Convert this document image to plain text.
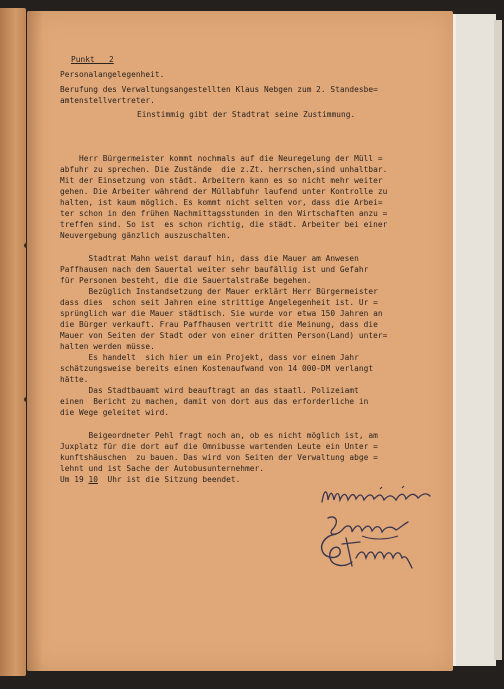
Punkt   2
Personalangelegenheit.
Berufung des Verwaltungsangestellten Klaus Nebgen zum 2. Standesbe=
amtenstellvertreter.
Einstimmig gibt der Stadtrat seine Zustimmung.
Herr Bürgermeister kommt nochmals auf die Neuregelung der Müll =
abfuhr zu sprechen. Die Zustände  die z.Zt. herrschen,sind unhaltbar.
Mit der Einsetzung von städt. Arbeitern kann es so nicht mehr weiter
gehen. Die Arbeiter während der Müllabfuhr laufend unter Kontrolle zu
halten, ist kaum möglich. Es kommt nicht selten vor, dass die Arbei=
ter schon in den frühen Nachmittagsstunden in den Wirtschaften anzu =
treffen sind. So ist  es schon richtig, die städt. Arbeiter bei einer
Neuvergebung gänzlich auszuschalten.
Stadtrat Mahn weist darauf hin, dass die Mauer am Anwesen
Paffhausen nach dem Sauertal weiter sehr baufällig ist und Gefahr
für Personen besteht, die die Sauertalstraße begehen.
Bezüglich Instandsetzung der Mauer erklärt Herr Bürgermeister
dass dies  schon seit Jahren eine strittige Angelegenheit ist. Ur =
sprünglich war die Mauer städtisch. Sie wurde vor etwa 150 Jahren an
die Bürger verkauft. Frau Paffhausen vertritt die Meinung, dass die
Mauer von Seiten der Stadt oder von einer dritten Person(Land) unter=
halten werden müsse.
Es handelt  sich hier um ein Projekt, dass vor einem Jahr
schätzungsweise bereits einen Kostenaufwand von 14 000-DM verlangt
hätte.
Das Stadtbauamt wird beauftragt an das staatl. Polizeiamt
einen  Bericht zu machen, damit von dort aus das erforderliche in
die Wege geleitet wird.
Beigeordneter Pehl fragt noch an, ob es nicht möglich ist, am
Juxplatz für die dort auf die Omnibusse wartenden Leute ein Unter =
kunftshäuschen  zu bauen. Das wird von Seiten der Verwaltung abge =
lehnt und ist Sache der Autobusunternehmer.
Um 19 10  Uhr ist die Sitzung beendet.
